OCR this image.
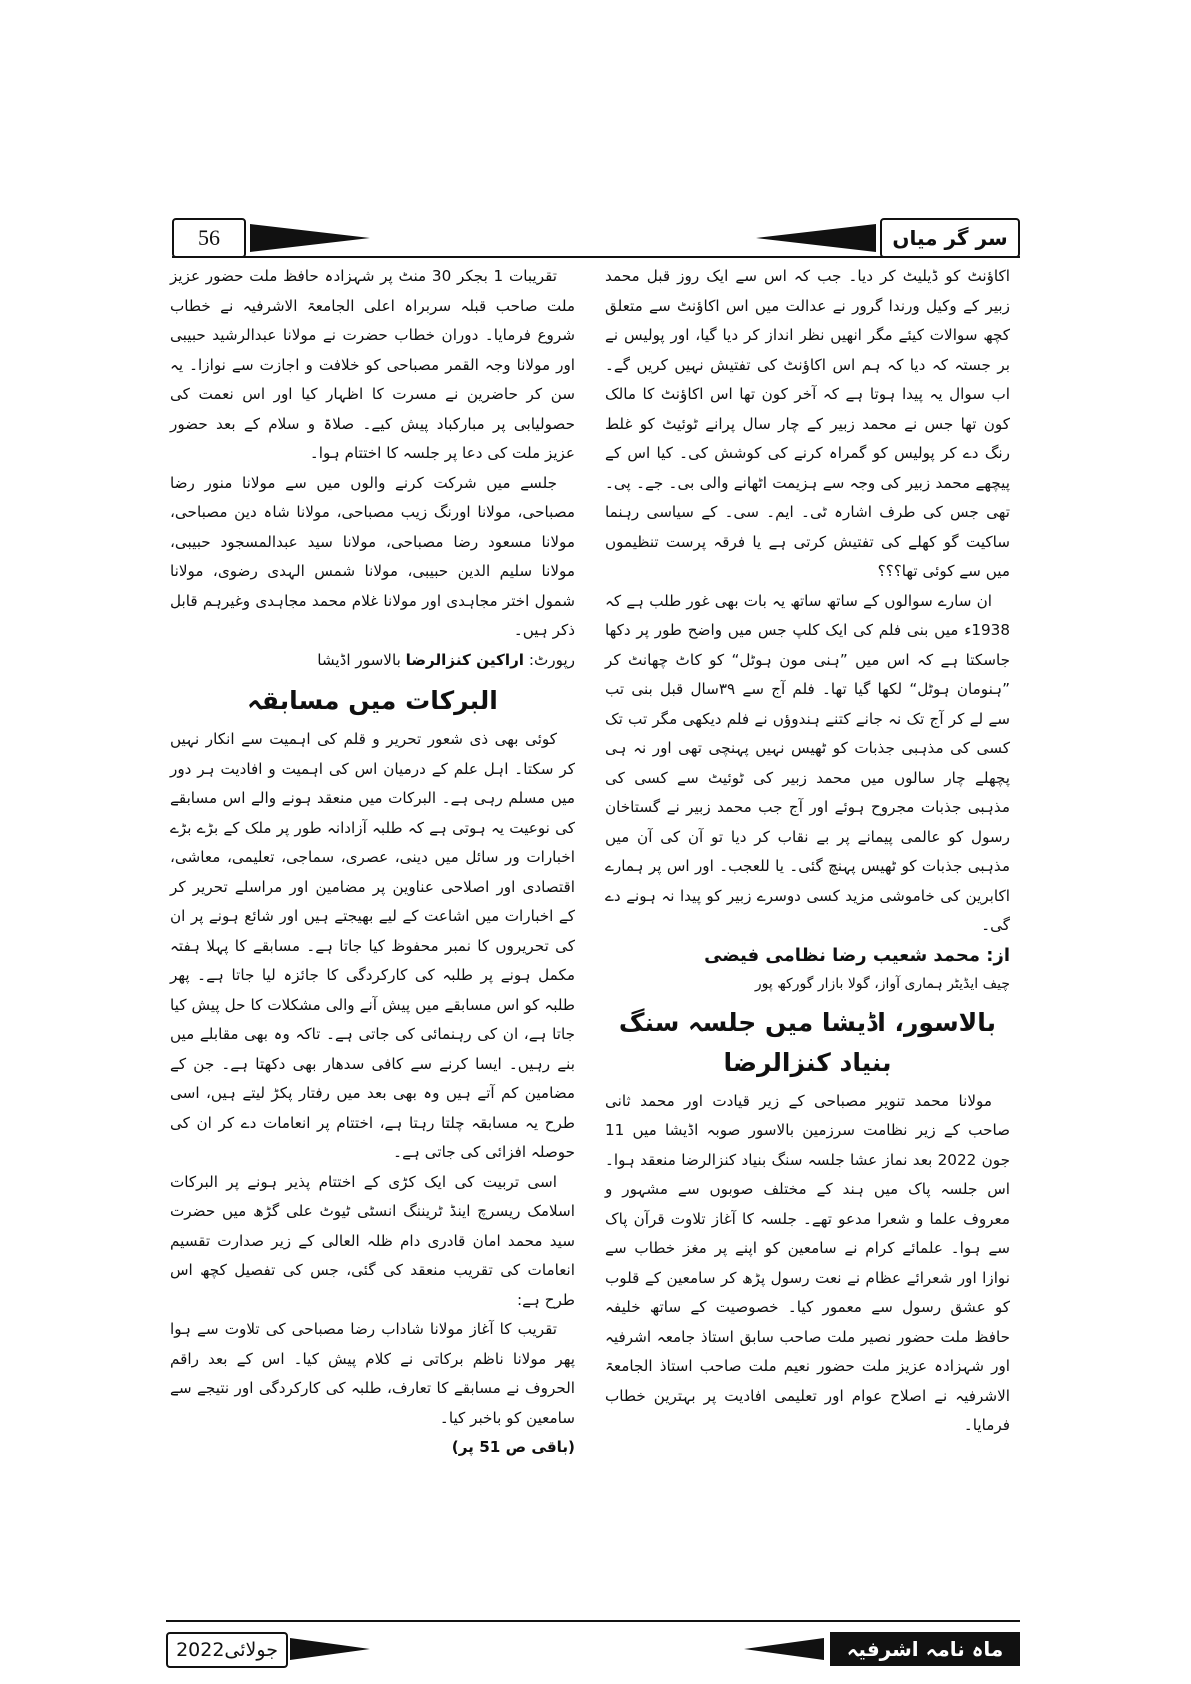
56	سر گر میاں

اکاؤنٹ کو ڈیلیٹ کر دیا۔ جب کہ اس سے ایک روز قبل محمد زبیر کے وکیل ورندا گرور نے عدالت میں اس اکاؤنٹ سے متعلق کچھ سوالات کیئے مگر انھیں نظر انداز کر دیا گیا، اور پولیس نے بر جستہ کہ دیا کہ ہم اس اکاؤنٹ کی تفتیش نہیں کریں گے۔ اب سوال یہ پیدا ہوتا ہے کہ آخر کون تھا اس اکاؤنٹ کا مالک کون تھا جس نے محمد زبیر کے چار سال پرانے ٹوئیٹ کو غلط رنگ دے کر پولیس کو گمراہ کرنے کی کوشش کی۔ کیا اس کے پیچھے محمد زبیر کی وجہ سے ہزیمت اٹھانے والی بی۔ جے۔ پی۔ تھی جس کی طرف اشارہ ٹی۔ ایم۔ سی۔ کے سیاسی رہنما ساکیت گو کھلے کی تفتیش کرتی ہے یا فرقہ پرست تنظیموں میں سے کوئی تھا؟؟؟

ان سارے سوالوں کے ساتھ ساتھ یہ بات بھی غور طلب ہے کہ 1938ء میں بنی فلم کی ایک کلپ جس میں واضح طور پر دکھا جاسکتا ہے کہ اس میں ”ہنی مون ہوٹل“ کو کاٹ چھانٹ کر ”ہنومان ہوٹل“ لکھا گیا تھا۔ فلم آج سے ۳۹سال قبل بنی تب سے لے کر آج تک نہ جانے کتنے ہندوؤں نے فلم دیکھی مگر تب تک کسی کی مذہبی جذبات کو ٹھیس نہیں پہنچی تھی اور نہ ہی پچھلے چار سالوں میں محمد زبیر کی ٹوئیٹ سے کسی کی مذہبی جذبات مجروح ہوئے اور آج جب محمد زبیر نے گستاخان رسول کو عالمی پیمانے پر بے نقاب کر دیا تو آن کی آن میں مذہبی جذبات کو ٹھیس پہنچ گئی۔ یا للعجب۔ اور اس پر ہمارے اکابرین کی خاموشی مزید کسی دوسرے زبیر کو پیدا نہ ہونے دے گی۔

از: محمد شعیب رضا نظامی فیضی
چیف ایڈیٹر ہماری آواز، گولا بازار گورکھ پور
بالاسور، اڈیشا میں جلسہ سنگ بنیاد کنزالرضا

مولانا محمد تنویر مصباحی کے زیر قیادت اور محمد ثانی صاحب کے زیر نظامت سرزمین بالاسور صوبہ اڈیشا میں 11 جون 2022 بعد نماز عشا جلسہ سنگ بنیاد کنزالرضا منعقد ہوا۔ اس جلسہ پاک میں ہند کے مختلف صوبوں سے مشہور و معروف علما و شعرا مدعو تھے۔ جلسہ کا آغاز تلاوت قرآن پاک سے ہوا۔ علمائے کرام نے سامعین کو اپنے پر مغز خطاب سے نوازا اور شعرائے عظام نے نعت رسول پڑھ کر سامعین کے قلوب کو عشق رسول سے معمور کیا۔ خصوصیت کے ساتھ خلیفہ حافظ ملت حضور نصیر ملت صاحب سابق استاذ جامعہ اشرفیہ اور شہزادہ عزیز ملت حضور نعیم ملت صاحب استاذ الجامعۃ الاشرفیہ نے اصلاح عوام اور تعلیمی افادیت پر بہترین خطاب فرمایا۔

تقریبات 1 بجکر 30 منٹ پر شہزادہ حافظ ملت حضور عزیز ملت صاحب قبلہ سربراہ اعلی الجامعۃ الاشرفیہ نے خطاب شروع فرمایا۔ دوران خطاب حضرت نے مولانا عبدالرشید حبیبی اور مولانا وجہ القمر مصباحی کو خلافت و اجازت سے نوازا۔ یہ سن کر حاضرین نے مسرت کا اظہار کیا اور اس نعمت کی حصولیابی پر مبارکباد پیش کیے۔ صلاۃ و سلام کے بعد حضور عزیز ملت کی دعا پر جلسہ کا اختتام ہوا۔

جلسے میں شرکت کرنے والوں میں سے مولانا منور رضا مصباحی، مولانا اورنگ زیب مصباحی، مولانا شاہ دین مصباحی، مولانا مسعود رضا مصباحی، مولانا سید عبدالمسجود حبیبی، مولانا سلیم الدین حبیبی، مولانا شمس الہدی رضوی، مولانا شمول اختر مجاہدی اور مولانا غلام محمد مجاہدی وغیرہم قابل ذکر ہیں۔

رپورٹ: اراکین کنزالرضا بالاسور اڈیشا
البرکات میں مسابقہ

کوئی بھی ذی شعور تحریر و قلم کی اہمیت سے انکار نہیں کر سکتا۔ اہل علم کے درمیان اس کی اہمیت و افادیت ہر دور میں مسلم رہی ہے۔ البرکات میں منعقد ہونے والے اس مسابقے کی نوعیت یہ ہوتی ہے کہ طلبہ آزادانہ طور پر ملک کے بڑے بڑے اخبارات ور سائل میں دینی، عصری، سماجی، تعلیمی، معاشی، اقتصادی اور اصلاحی عناوین پر مضامین اور مراسلے تحریر کر کے اخبارات میں اشاعت کے لیے بھیجتے ہیں اور شائع ہونے پر ان کی تحریروں کا نمبر محفوظ کیا جاتا ہے۔ مسابقے کا پہلا ہفتہ مکمل ہونے پر طلبہ کی کارکردگی کا جائزہ لیا جاتا ہے۔ پھر طلبہ کو اس مسابقے میں پیش آنے والی مشکلات کا حل پیش کیا جاتا ہے، ان کی رہنمائی کی جاتی ہے۔ تاکہ وہ بھی مقابلے میں بنے رہیں۔ ایسا کرنے سے کافی سدھار بھی دکھتا ہے۔ جن کے مضامین کم آتے ہیں وہ بھی بعد میں رفتار پکڑ لیتے ہیں، اسی طرح یہ مسابقہ چلتا رہتا ہے، اختتام پر انعامات دے کر ان کی حوصلہ افزائی کی جاتی ہے۔

اسی تربیت کی ایک کڑی کے اختتام پذیر ہونے پر البرکات اسلامک ریسرچ اینڈ ٹریننگ انسٹی ٹیوٹ علی گڑھ میں حضرت سید محمد امان قادری دام ظلہ العالی کے زیر صدارت تقسیم انعامات کی تقریب منعقد کی گئی، جس کی تفصیل کچھ اس طرح ہے:

تقریب کا آغاز مولانا شاداب رضا مصباحی کی تلاوت سے ہوا پھر مولانا ناظم برکاتی نے کلام پیش کیا۔ اس کے بعد راقم الحروف نے مسابقے کا تعارف، طلبہ کی کارکردگی اور نتیجے سے سامعین کو باخبر کیا۔

(باقی ص 51 پر)
جولائی2022	ماہ نامہ اشرفیہ
